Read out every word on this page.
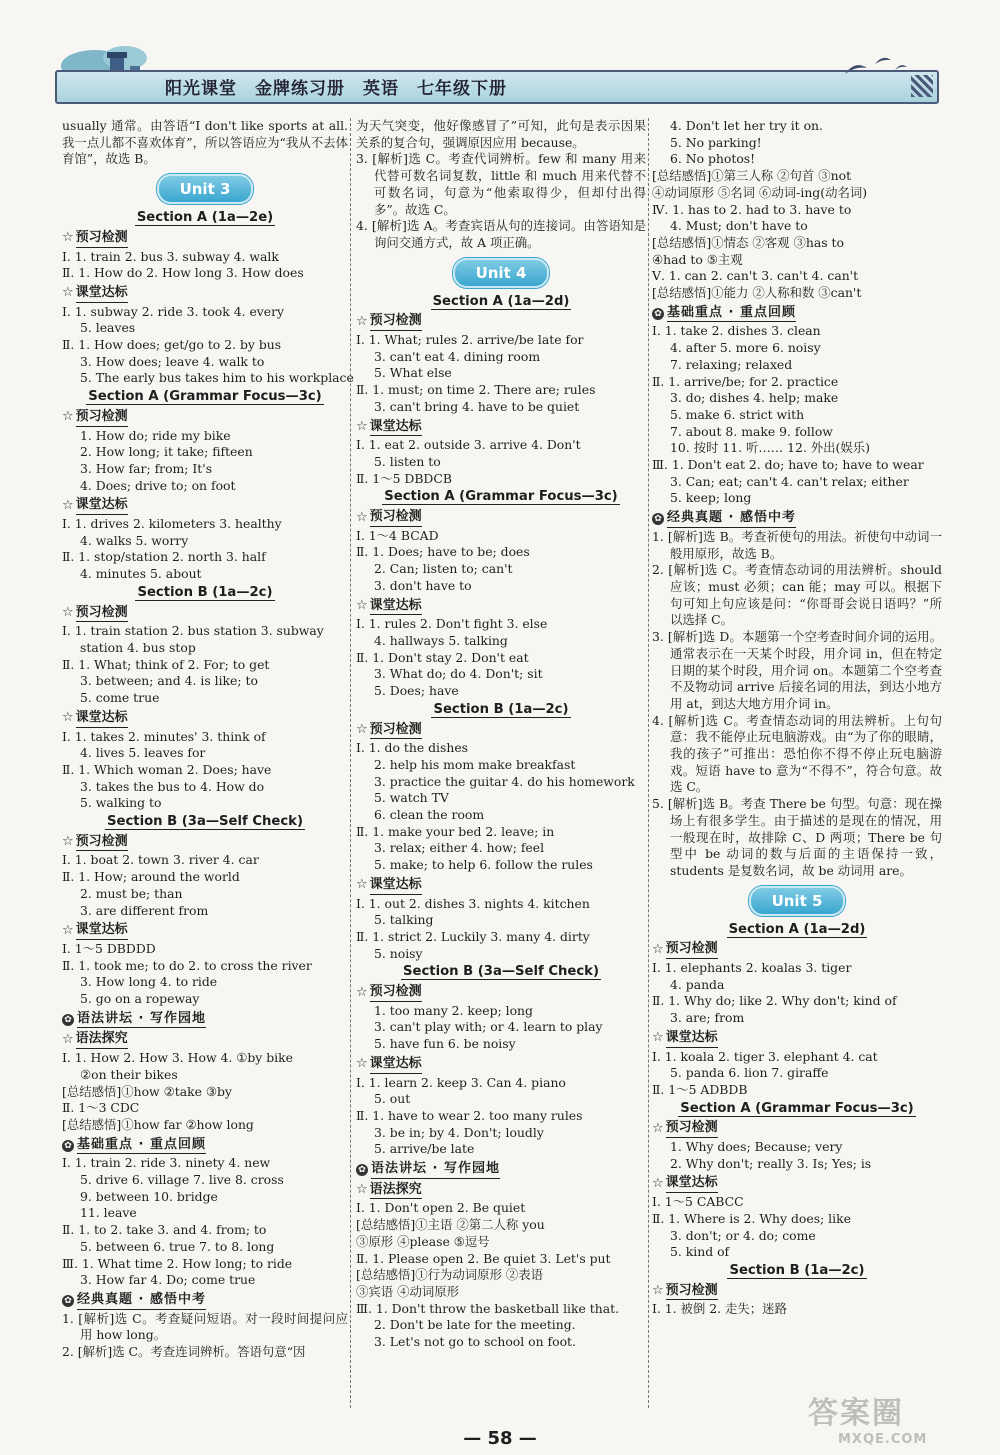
阳光课堂 金牌练习册 英语 七年级下册

usually 通常。由答语“I don't like sports at all. 我一点儿都不喜欢体育”，所以答语应为“我从不去体育馆”，故选 B。

Unit 3
Section A (1a—2e)
☆ 预习检测

Ⅰ. 1. train 2. bus 3. subway 4. walk

Ⅱ. 1. How do 2. How long 3. How does

☆ 课堂达标

Ⅰ. 1. subway 2. ride 3. took 4. every

5. leaves

Ⅱ. 1. How does; get/go to 2. by bus

3. How does; leave 4. walk to

5. The early bus takes him to his workplace

Section A (Grammar Focus—3c)
☆ 预习检测

1. How do; ride my bike

2. How long; it take; fifteen

3. How far; from; It's

4. Does; drive to; on foot

☆ 课堂达标

Ⅰ. 1. drives 2. kilometers 3. healthy

4. walks 5. worry

Ⅱ. 1. stop/station 2. north 3. half

4. minutes 5. about

Section B (1a—2c)
☆ 预习检测

Ⅰ. 1. train station 2. bus station 3. subway

station 4. bus stop

Ⅱ. 1. What; think of 2. For; to get

3. between; and 4. is like; to

5. come true

☆ 课堂达标

Ⅰ. 1. takes 2. minutes' 3. think of

4. lives 5. leaves for

Ⅱ. 1. Which woman 2. Does; have

3. takes the bus to 4. How do

5. walking to

Section B (3a—Self Check)
☆ 预习检测

Ⅰ. 1. boat 2. town 3. river 4. car

Ⅱ. 1. How; around the world

2. must be; than

3. are different from

☆ 课堂达标

Ⅰ. 1～5 DBDDD

Ⅱ. 1. took me; to do 2. to cross the river

3. How long 4. to ride

5. go on a ropeway

✿ 语法讲坛 · 写作园地
☆ 语法探究

Ⅰ. 1. How 2. How 3. How 4. ①by bike

②on their bikes

[总结感悟]①how ②take ③by

Ⅱ. 1～3 CDC

[总结感悟]①how far ②how long

✿ 基础重点 · 重点回顾

Ⅰ. 1. train 2. ride 3. ninety 4. new

5. drive 6. village 7. live 8. cross

9. between 10. bridge

11. leave

Ⅱ. 1. to 2. take 3. and 4. from; to

5. between 6. true 7. to 8. long

Ⅲ. 1. What time 2. How long; to ride

3. How far 4. Do; come true

✿ 经典真题 · 感悟中考

1. [解析]选 C。考查疑问短语。对一段时间提问应用 how long。

2. [解析]选 C。考查连词辨析。答语句意“因

为天气突变，他好像感冒了”可知，此句是表示因果关系的复合句，强调原因应用 because。

3. [解析]选 C。考查代词辨析。few 和 many 用来代替可数名词复数，little 和 much 用来代替不可数名词，句意为“他索取得少，但却付出得多”。故选 C。

4. [解析]选 A。考查宾语从句的连接词。由答语知是询问交通方式，故 A 项正确。

Unit 4
Section A (1a—2d)
☆ 预习检测

Ⅰ. 1. What; rules 2. arrive/be late for

3. can't eat 4. dining room

5. What else

Ⅱ. 1. must; on time 2. There are; rules

3. can't bring 4. have to be quiet

☆ 课堂达标

Ⅰ. 1. eat 2. outside 3. arrive 4. Don't

5. listen to

Ⅱ. 1～5 DBDCB

Section A (Grammar Focus—3c)
☆ 预习检测

Ⅰ. 1～4 BCAD

Ⅱ. 1. Does; have to be; does

2. Can; listen to; can't

3. don't have to

☆ 课堂达标

Ⅰ. 1. rules 2. Don't fight 3. else

4. hallways 5. talking

Ⅱ. 1. Don't stay 2. Don't eat

3. What do; do 4. Don't; sit

5. Does; have

Section B (1a—2c)
☆ 预习检测

Ⅰ. 1. do the dishes

2. help his mom make breakfast

3. practice the guitar 4. do his homework

5. watch TV

6. clean the room

Ⅱ. 1. make your bed 2. leave; in

3. relax; either 4. how; feel

5. make; to help 6. follow the rules

☆ 课堂达标

Ⅰ. 1. out 2. dishes 3. nights 4. kitchen

5. talking

Ⅱ. 1. strict 2. Luckily 3. many 4. dirty

5. noisy

Section B (3a—Self Check)
☆ 预习检测

1. too many 2. keep; long

3. can't play with; or 4. learn to play

5. have fun 6. be noisy

☆ 课堂达标

Ⅰ. 1. learn 2. keep 3. Can 4. piano

5. out

Ⅱ. 1. have to wear 2. too many rules

3. be in; by 4. Don't; loudly

5. arrive/be late

✿ 语法讲坛 · 写作园地
☆ 语法探究

Ⅰ. 1. Don't open 2. Be quiet

[总结感悟]①主语 ②第二人称 you

③原形 ④please ⑤逗号

Ⅱ. 1. Please open 2. Be quiet 3. Let's put

[总结感悟]①行为动词原形 ②表语

③宾语 ④动词原形

Ⅲ. 1. Don't throw the basketball like that.

2. Don't be late for the meeting.

3. Let's not go to school on foot.

4. Don't let her try it on.

5. No parking!

6. No photos!

[总结感悟]①第三人称 ②句首 ③not

④动词原形 ⑤名词 ⑥动词-ing(动名词)

Ⅳ. 1. has to 2. had to 3. have to

4. Must; don't have to

[总结感悟]①情态 ②客观 ③has to

④had to ⑤主观

Ⅴ. 1. can 2. can't 3. can't 4. can't

[总结感悟]①能力 ②人称和数 ③can't

✿ 基础重点 · 重点回顾

Ⅰ. 1. take 2. dishes 3. clean

4. after 5. more 6. noisy

7. relaxing; relaxed

Ⅱ. 1. arrive/be; for 2. practice

3. do; dishes 4. help; make

5. make 6. strict with

7. about 8. make 9. follow

10. 按时 11. 听…… 12. 外出(娱乐)

Ⅲ. 1. Don't eat 2. do; have to; have to wear

3. Can; eat; can't 4. can't relax; either

5. keep; long

✿ 经典真题 · 感悟中考

1. [解析]选 B。考查祈使句的用法。祈使句中动词一般用原形，故选 B。

2. [解析]选 C。考查情态动词的用法辨析。should 应该；must 必须；can 能；may 可以。根据下句可知上句应该是问：“你哥哥会说日语吗？”所以选择 C。

3. [解析]选 D。本题第一个空考查时间介词的运用。通常表示在一天某个时段，用介词 in，但在特定日期的某个时段，用介词 on。本题第二个空考查不及物动词 arrive 后接名词的用法，到达小地方用 at，到达大地方用介词 in。

4. [解析]选 C。考查情态动词的用法辨析。上句句意：我不能停止玩电脑游戏。由“为了你的眼睛，我的孩子”可推出：恐怕你不得不停止玩电脑游戏。短语 have to 意为“不得不”，符合句意。故选 C。

5. [解析]选 B。考查 There be 句型。句意：现在操场上有很多学生。由于描述的是现在的情况，用一般现在时，故排除 C、D 两项；There be 句型中 be 动词的数与后面的主语保持一致，students 是复数名词，故 be 动词用 are。

Unit 5
Section A (1a—2d)
☆ 预习检测

Ⅰ. 1. elephants 2. koalas 3. tiger

4. panda

Ⅱ. 1. Why do; like 2. Why don't; kind of

3. are; from

☆ 课堂达标

Ⅰ. 1. koala 2. tiger 3. elephant 4. cat

5. panda 6. lion 7. giraffe

Ⅱ. 1～5 ADBDB

Section A (Grammar Focus—3c)
☆ 预习检测

1. Why does; Because; very

2. Why don't; really 3. Is; Yes; is

☆ 课堂达标

Ⅰ. 1～5 CABCC

Ⅱ. 1. Where is 2. Why does; like

3. don't; or 4. do; come

5. kind of

Section B (1a—2c)
☆ 预习检测

Ⅰ. 1. 被倒 2. 走失；迷路

— 58 —
答案圈
MXQE.COM
